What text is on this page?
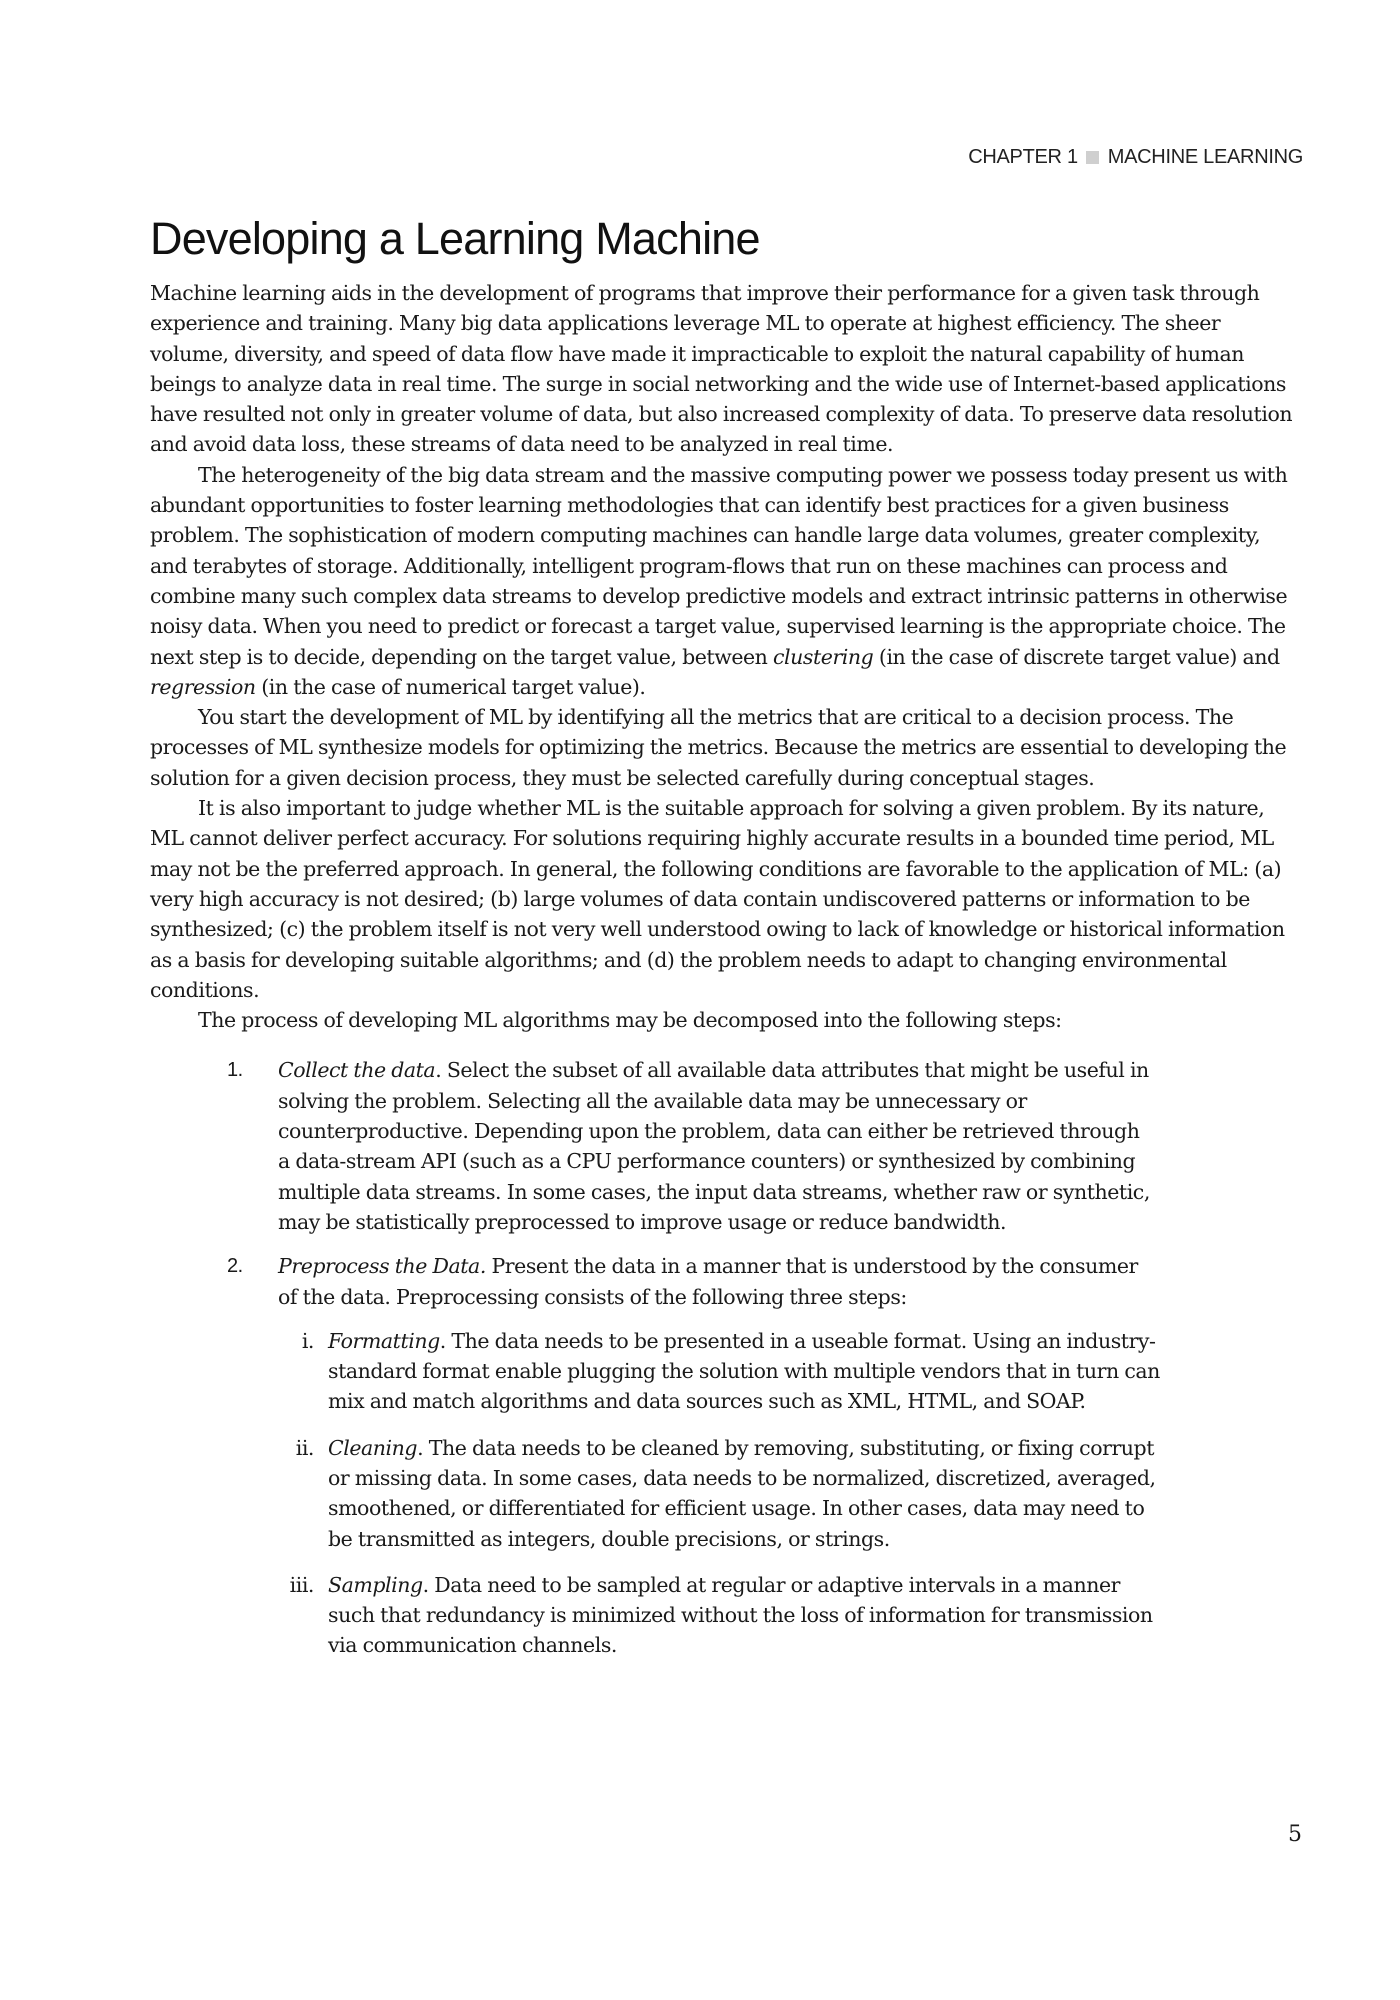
CHAPTER 1 MACHINE LEARNING
Developing a Learning Machine

Machine learning aids in the development of programs that improve their performance for a given task through experience and training. Many big data applications leverage ML to operate at highest efficiency. The sheer volume, diversity, and speed of data flow have made it impracticable to exploit the natural capability of human beings to analyze data in real time. The surge in social networking and the wide use of Internet-based applications have resulted not only in greater volume of data, but also increased complexity of data. To preserve data resolution and avoid data loss, these streams of data need to be analyzed in real time.

The heterogeneity of the big data stream and the massive computing power we possess today present us with abundant opportunities to foster learning methodologies that can identify best practices for a given business problem. The sophistication of modern computing machines can handle large data volumes, greater complexity, and terabytes of storage. Additionally, intelligent program-flows that run on these machines can process and combine many such complex data streams to develop predictive models and extract intrinsic patterns in otherwise noisy data. When you need to predict or forecast a target value, supervised learning is the appropriate choice. The next step is to decide, depending on the target value, between clustering (in the case of discrete target value) and regression (in the case of numerical target value).

You start the development of ML by identifying all the metrics that are critical to a decision process. The processes of ML synthesize models for optimizing the metrics. Because the metrics are essential to developing the solution for a given decision process, they must be selected carefully during conceptual stages.

It is also important to judge whether ML is the suitable approach for solving a given problem. By its nature, ML cannot deliver perfect accuracy. For solutions requiring highly accurate results in a bounded time period, ML may not be the preferred approach. In general, the following conditions are favorable to the application of ML: (a) very high accuracy is not desired; (b) large volumes of data contain undiscovered patterns or information to be synthesized; (c) the problem itself is not very well understood owing to lack of knowledge or historical information as a basis for developing suitable algorithms; and (d) the problem needs to adapt to changing environmental conditions.

The process of developing ML algorithms may be decomposed into the following steps:

1. Collect the data. Select the subset of all available data attributes that might be useful in solving the problem. Selecting all the available data may be unnecessary or counterproductive. Depending upon the problem, data can either be retrieved through a data-stream API (such as a CPU performance counters) or synthesized by combining multiple data streams. In some cases, the input data streams, whether raw or synthetic, may be statistically preprocessed to improve usage or reduce bandwidth.
2. Preprocess the Data. Present the data in a manner that is understood by the consumer of the data. Preprocessing consists of the following three steps:
i. Formatting. The data needs to be presented in a useable format. Using an industry-standard format enable plugging the solution with multiple vendors that in turn can mix and match algorithms and data sources such as XML, HTML, and SOAP.
ii. Cleaning. The data needs to be cleaned by removing, substituting, or fixing corrupt or missing data. In some cases, data needs to be normalized, discretized, averaged, smoothened, or differentiated for efficient usage. In other cases, data may need to be transmitted as integers, double precisions, or strings.
iii. Sampling. Data need to be sampled at regular or adaptive intervals in a manner such that redundancy is minimized without the loss of information for transmission via communication channels.
5
